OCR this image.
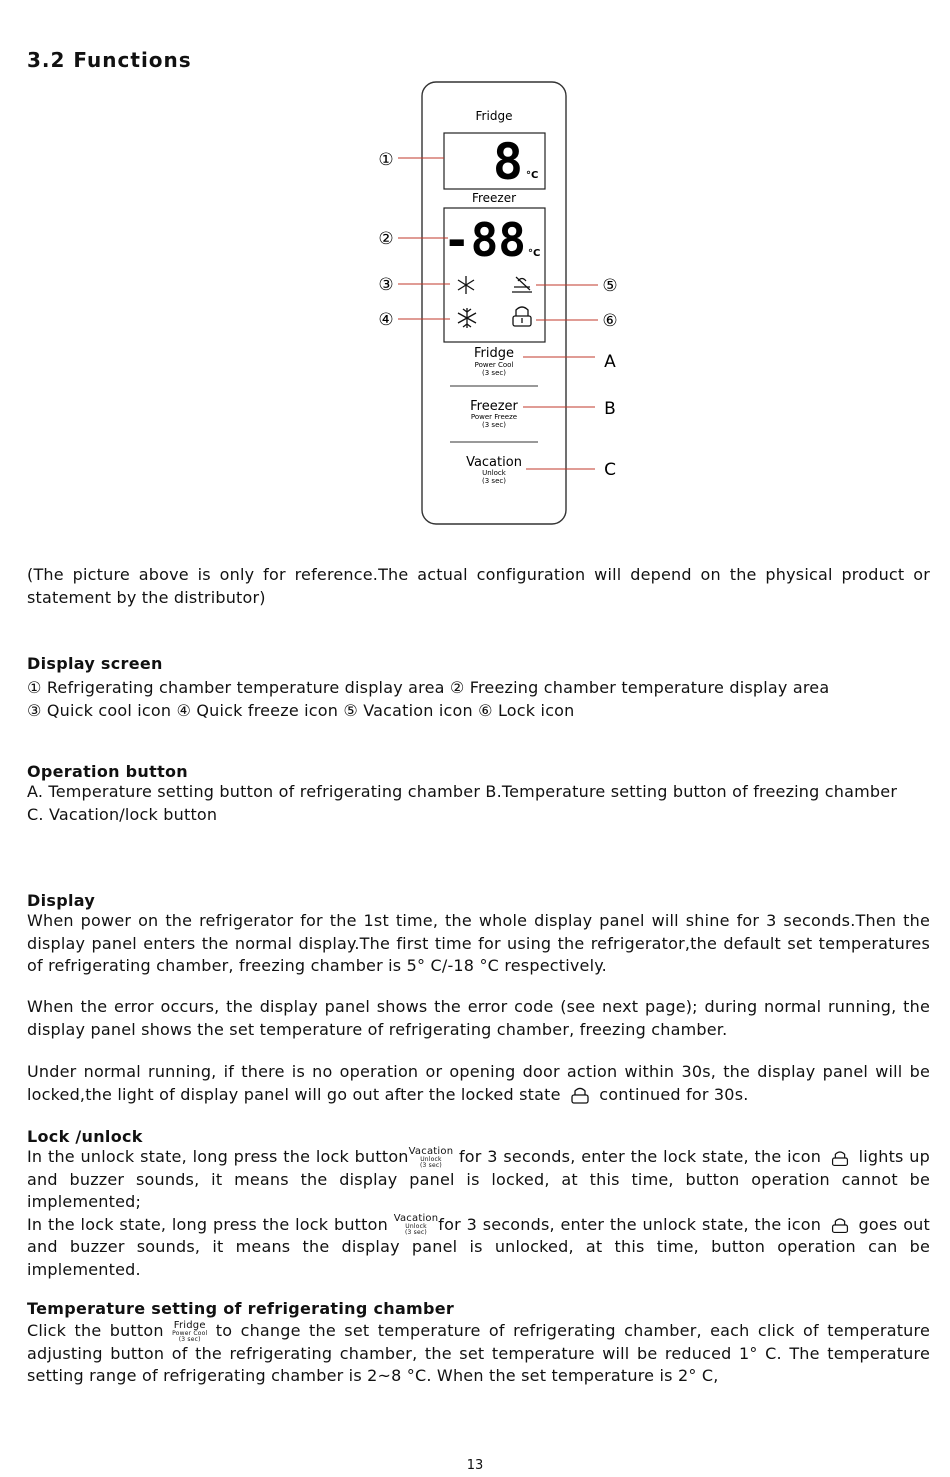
3.2 Functions
Fridge
8 °C
Freezer
-88 °C
①
②
③
④
⑤
⑥
Fridge
Power Cool
(3 sec)
Freezer
Power Freeze
(3 sec)
Vacation
Unlock
(3 sec)
A
B
C
(The picture above is only for reference.The actual configuration will depend on the physical product or statement by the distributor)
Display screen

① Refrigerating chamber temperature display area ② Freezing chamber temperature display area

③ Quick cool icon ④ Quick freeze icon ⑤ Vacation icon ⑥ Lock icon

Operation button

A. Temperature setting button of refrigerating chamber B.Temperature setting button of freezing chamber

C. Vacation/lock button

Display
When power on the refrigerator for the 1st time, the whole display panel will shine for 3 seconds.Then the display panel enters the normal display.The first time for using the refrigerator,the default set temperatures of refrigerating chamber, freezing chamber is 5° C/-18 °C respectively.
When the error occurs, the display panel shows the error code (see next page); during normal running, the display panel shows the set temperature of refrigerating chamber, freezing chamber.
Under normal running, if there is no operation or opening door action within 30s, the display panel will be locked,the light of display panel will go out after the locked state continued for 30s.
Lock /unlock
In the unlock state, long press the lock button Vacation
Unlock
(3 sec)	for 3 seconds, enter the lock state, the icon lights up and buzzer sounds, it means the display panel is locked, at this time, button operation cannot be implemented;
In the lock state, long press the lock button Vacation
Unlock
(3 sec) for 3 seconds, enter the unlock state, the icon goes out and buzzer sounds, it means the display panel is unlocked, at this time, button operation can be implemented.
Temperature setting of refrigerating chamber
Click the button Fridge
Power Cool
(3 sec) to change the set temperature of refrigerating chamber, each click of temperature adjusting button of the refrigerating chamber, the set temperature will be reduced 1° C. The temperature setting range of refrigerating chamber is 2~8 °C. When the set temperature is 2° C,
13
